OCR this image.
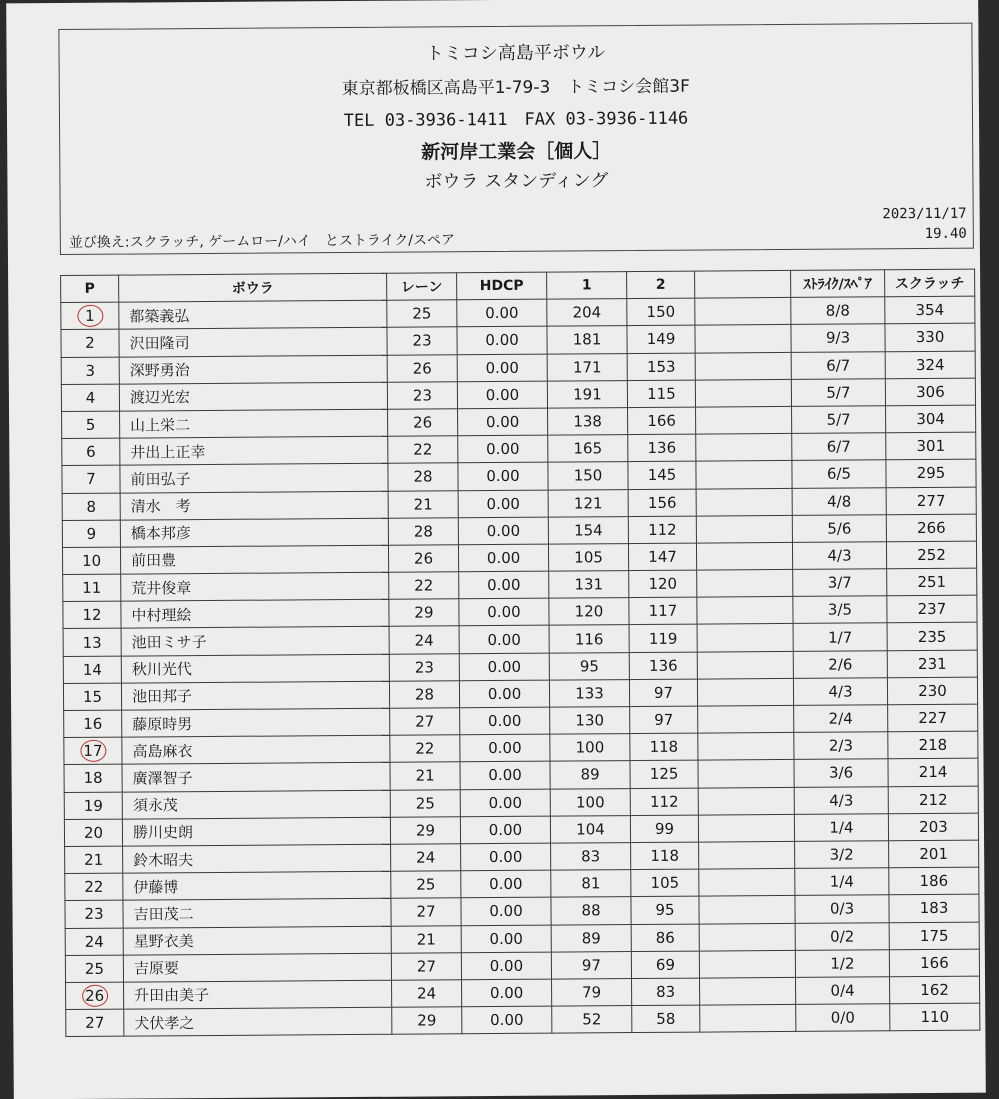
トミコシ高島平ボウル
東京都板橋区高島平1-79-3　トミコシ会館3F
TEL 03-3936-1411　FAX 03-3936-1146
新河岸工業会［個人］
ボウラ スタンディング
並び換え:スクラッチ, ゲームロー/ハイ　とストライク/スペア
2023/11/17
19.40
P	ボウラ	レーン	HDCP	1	2		ｽﾄﾗｲｸ/ｽﾍﾟｱ	スクラッチ
1	都築義弘	25	0.00	204	150		8/8	354
2	沢田隆司	23	0.00	181	149		9/3	330
3	深野勇治	26	0.00	171	153		6/7	324
4	渡辺光宏	23	0.00	191	115		5/7	306
5	山上栄二	26	0.00	138	166		5/7	304
6	井出上正幸	22	0.00	165	136		6/7	301
7	前田弘子	28	0.00	150	145		6/5	295
8	清水　考	21	0.00	121	156		4/8	277
9	橋本邦彦	28	0.00	154	112		5/6	266
10	前田豊	26	0.00	105	147		4/3	252
11	荒井俊章	22	0.00	131	120		3/7	251
12	中村理絵	29	0.00	120	117		3/5	237
13	池田ミサ子	24	0.00	116	119		1/7	235
14	秋川光代	23	0.00	95	136		2/6	231
15	池田邦子	28	0.00	133	97		4/3	230
16	藤原時男	27	0.00	130	97		2/4	227
17	高島麻衣	22	0.00	100	118		2/3	218
18	廣澤智子	21	0.00	89	125		3/6	214
19	須永茂	25	0.00	100	112		4/3	212
20	勝川史朗	29	0.00	104	99		1/4	203
21	鈴木昭夫	24	0.00	83	118		3/2	201
22	伊藤博	25	0.00	81	105		1/4	186
23	吉田茂二	27	0.00	88	95		0/3	183
24	星野衣美	21	0.00	89	86		0/2	175
25	吉原要	27	0.00	97	69		1/2	166
26	升田由美子	24	0.00	79	83		0/4	162
27	犬伏孝之	29	0.00	52	58		0/0	110
